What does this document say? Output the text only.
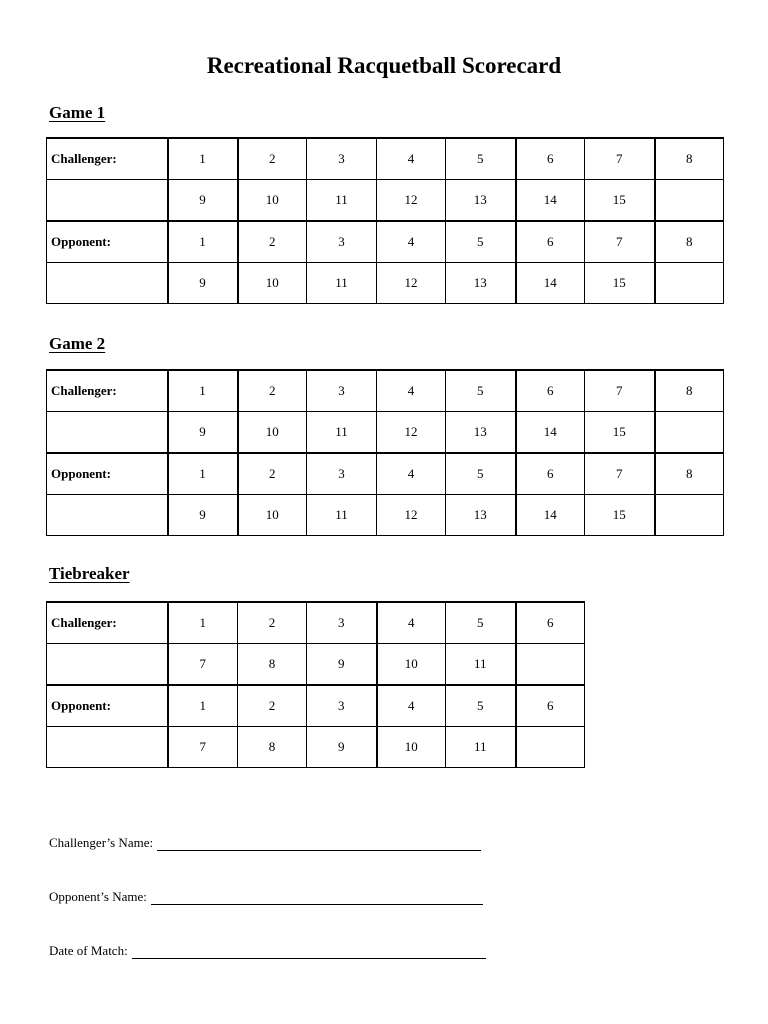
Recreational Racquetball Scorecard
Game 1
Challenger:	1	2	3	4	5	6	7	8
	9	10	11	12	13	14	15	
Opponent:	1	2	3	4	5	6	7	8
	9	10	11	12	13	14	15	
Game 2
Challenger:	1	2	3	4	5	6	7	8
	9	10	11	12	13	14	15	
Opponent:	1	2	3	4	5	6	7	8
	9	10	11	12	13	14	15	
Tiebreaker
Challenger:	1	2	3	4	5	6
	7	8	9	10	11	
Opponent:	1	2	3	4	5	6
	7	8	9	10	11	
Challenger’s Name:
Opponent’s Name:
Date of Match:
